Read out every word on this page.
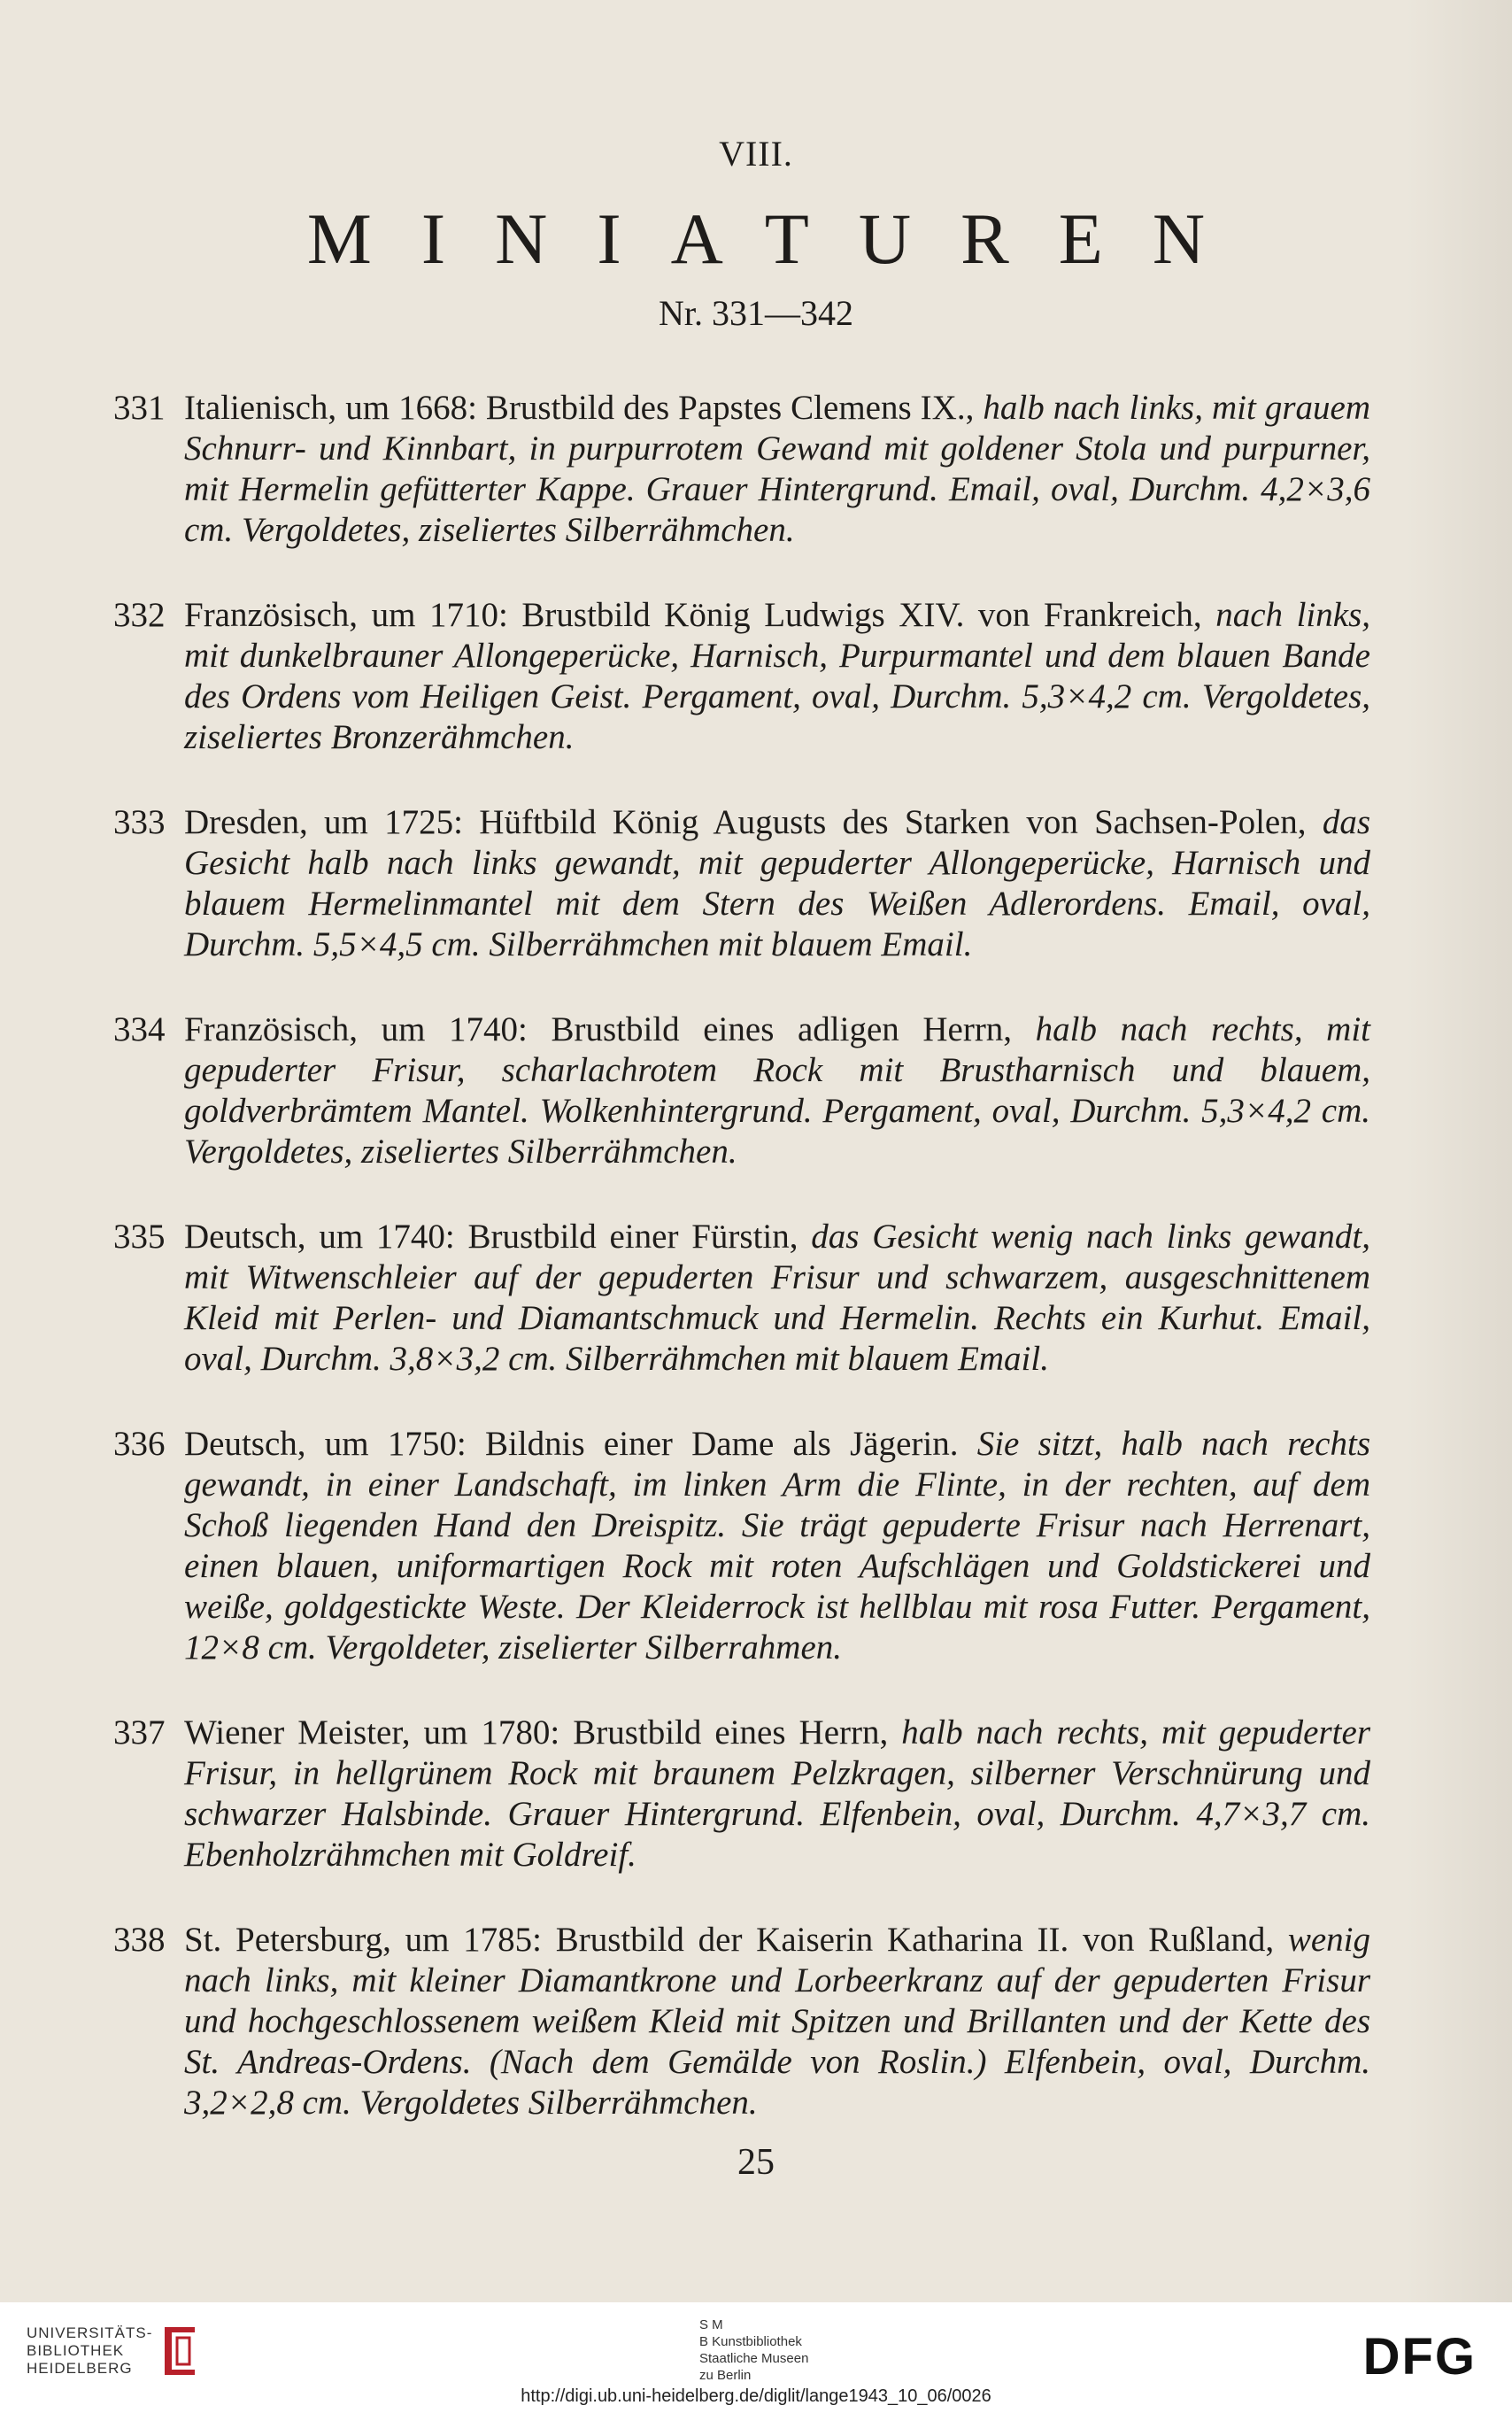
VIII.
MINIATUREN
Nr. 331—342
331 Italienisch, um 1668: Brustbild des Papstes Clemens IX., halb nach links, mit grauem Schnurr- und Kinnbart, in purpurrotem Gewand mit goldener Stola und purpurner, mit Hermelin gefütterter Kappe. Grauer Hintergrund. Email, oval, Durchm. 4,2×3,6 cm. Vergoldetes, ziseliertes Silberrähmchen.
332 Französisch, um 1710: Brustbild König Ludwigs XIV. von Frankreich, nach links, mit dunkelbrauner Allongeperücke, Harnisch, Purpurmantel und dem blauen Bande des Ordens vom Heiligen Geist. Pergament, oval, Durchm. 5,3×4,2 cm. Vergoldetes, ziseliertes Bronzerähmchen.
333 Dresden, um 1725: Hüftbild König Augusts des Starken von Sachsen-Polen, das Gesicht halb nach links gewandt, mit gepuderter Allongeperücke, Harnisch und blauem Hermelinmantel mit dem Stern des Weißen Adlerordens. Email, oval, Durchm. 5,5×4,5 cm. Silberrähmchen mit blauem Email.
334 Französisch, um 1740: Brustbild eines adligen Herrn, halb nach rechts, mit gepuderter Frisur, scharlachrotem Rock mit Brustharnisch und blauem, goldverbrämtem Mantel. Wolkenhintergrund. Pergament, oval, Durchm. 5,3×4,2 cm. Vergoldetes, ziseliertes Silberrähmchen.
335 Deutsch, um 1740: Brustbild einer Fürstin, das Gesicht wenig nach links gewandt, mit Witwenschleier auf der gepuderten Frisur und schwarzem, ausgeschnittenem Kleid mit Perlen- und Diamantschmuck und Hermelin. Rechts ein Kurhut. Email, oval, Durchm. 3,8×3,2 cm. Silberrähmchen mit blauem Email.
336 Deutsch, um 1750: Bildnis einer Dame als Jägerin. Sie sitzt, halb nach rechts gewandt, in einer Landschaft, im linken Arm die Flinte, in der rechten, auf dem Schoß liegenden Hand den Dreispitz. Sie trägt gepuderte Frisur nach Herrenart, einen blauen, uniformartigen Rock mit roten Aufschlägen und Goldstickerei und weiße, goldgestickte Weste. Der Kleiderrock ist hellblau mit rosa Futter. Pergament, 12×8 cm. Vergoldeter, ziselierter Silberrahmen.
337 Wiener Meister, um 1780: Brustbild eines Herrn, halb nach rechts, mit gepuderter Frisur, in hellgrünem Rock mit braunem Pelzkragen, silberner Verschnürung und schwarzer Halsbinde. Grauer Hintergrund. Elfenbein, oval, Durchm. 4,7×3,7 cm. Ebenholzrähmchen mit Goldreif.
338 St. Petersburg, um 1785: Brustbild der Kaiserin Katharina II. von Rußland, wenig nach links, mit kleiner Diamantkrone und Lorbeerkranz auf der gepuderten Frisur und hochgeschlossenem weißem Kleid mit Spitzen und Brillanten und der Kette des St. Andreas-Ordens. (Nach dem Gemälde von Roslin.) Elfenbein, oval, Durchm. 3,2×2,8 cm. Vergoldetes Silberrähmchen.
25
UNIVERSITÄTS-
BIBLIOTHEK
HEIDELBERG
S M
B Kunstbibliothek
Staatliche Museen
zu Berlin	DFG
http://digi.ub.uni-heidelberg.de/diglit/lange1943_10_06/0026
